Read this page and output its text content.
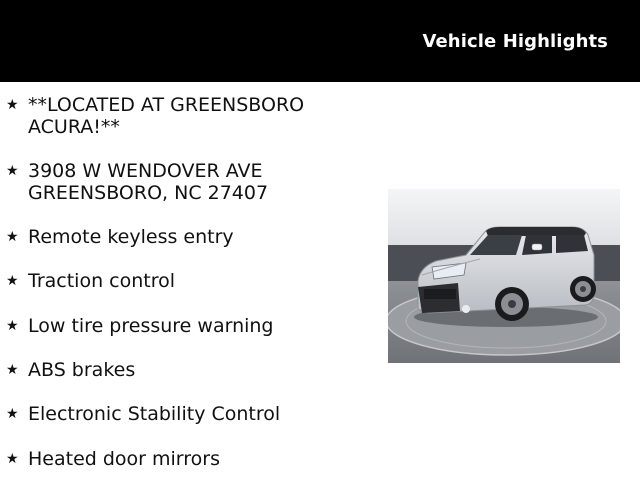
Vehicle Highlights
★ **LOCATED AT GREENSBORO
ACURA!**
★ 3908 W WENDOVER AVE
GREENSBORO, NC 27407
★ Remote keyless entry
★ Traction control
★ Low tire pressure warning
★ ABS brakes
★ Electronic Stability Control
★ Heated door mirrors
